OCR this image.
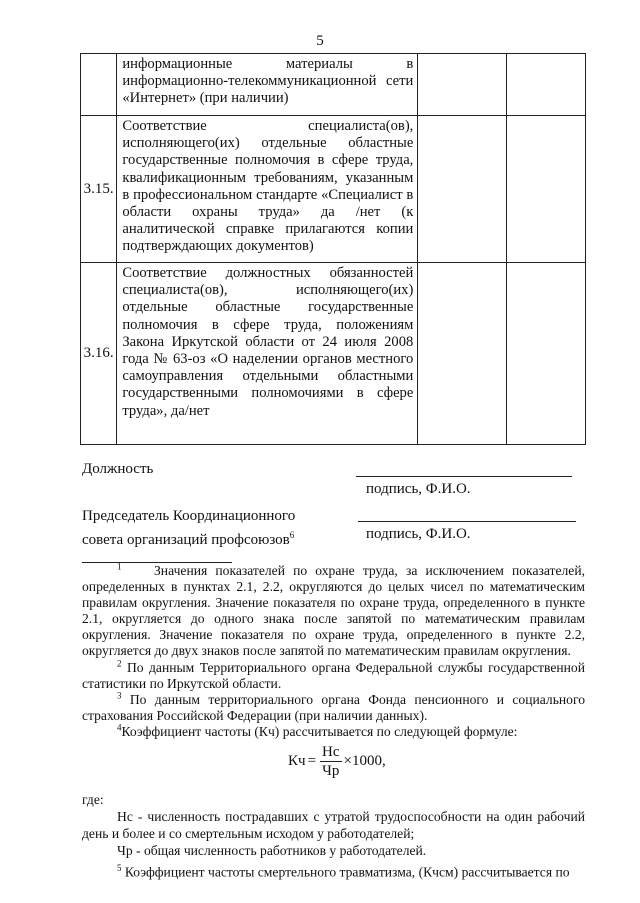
5
	информационные материалы в информационно-телекоммуникационной сети «Интернет» (при наличии)		
3.15.	Соответствие специалиста(ов), исполняющего(их) отдельные областные государственные полномочия в сфере труда, квалификационным требованиям, указанным в профессиональном стандарте «Специалист в области охраны труда» да /нет (к аналитической справке прилагаются копии подтверждающих документов)		
3.16.	Соответствие должностных обязанностей специалиста(ов), исполняющего(их) отдельные областные государственные полномочия в сфере труда, положениям Закона Иркутской области от 24 июля 2008 года № 63-оз «О наделении органов местного самоуправления отдельными областными государственными полномочиями в сфере труда», да/нет		
Должность
подпись, Ф.И.О.
Председатель Координационного
совета организаций профсоюзов$^6$	подпись, Ф.И.О.

$^1$ Значения показателей по охране труда, за исключением показателей, определенных в пунктах 2.1, 2.2, округляются до целых чисел по математическим правилам округления. Значение показателя по охране труда, определенного в пункте 2.1, округляется до одного знака после запятой по математическим правилам округления. Значение показателя по охране труда, определенного в пункте 2.2, округляется до двух знаков после запятой по математическим правилам округления.

$^2$ По данным Территориального органа Федеральной службы государственной статистики по Иркутской области.

$^3$ По данным территориального органа Фонда пенсионного и социального страхования Российской Федерации (при наличии данных).

$^4$Коэффициент частоты (Кч) рассчитывается по следующей формуле:

Кч = $\frac{Нс}{Чр} \times 1000$,

где:

Нс - численность пострадавших с утратой трудоспособности на один рабочий день и более и со смертельным исходом у работодателей;

Чр - общая численность работников у работодателей.

$^5$ Коэффициент частоты смертельного травматизма, (Кчсм) рассчитывается по
